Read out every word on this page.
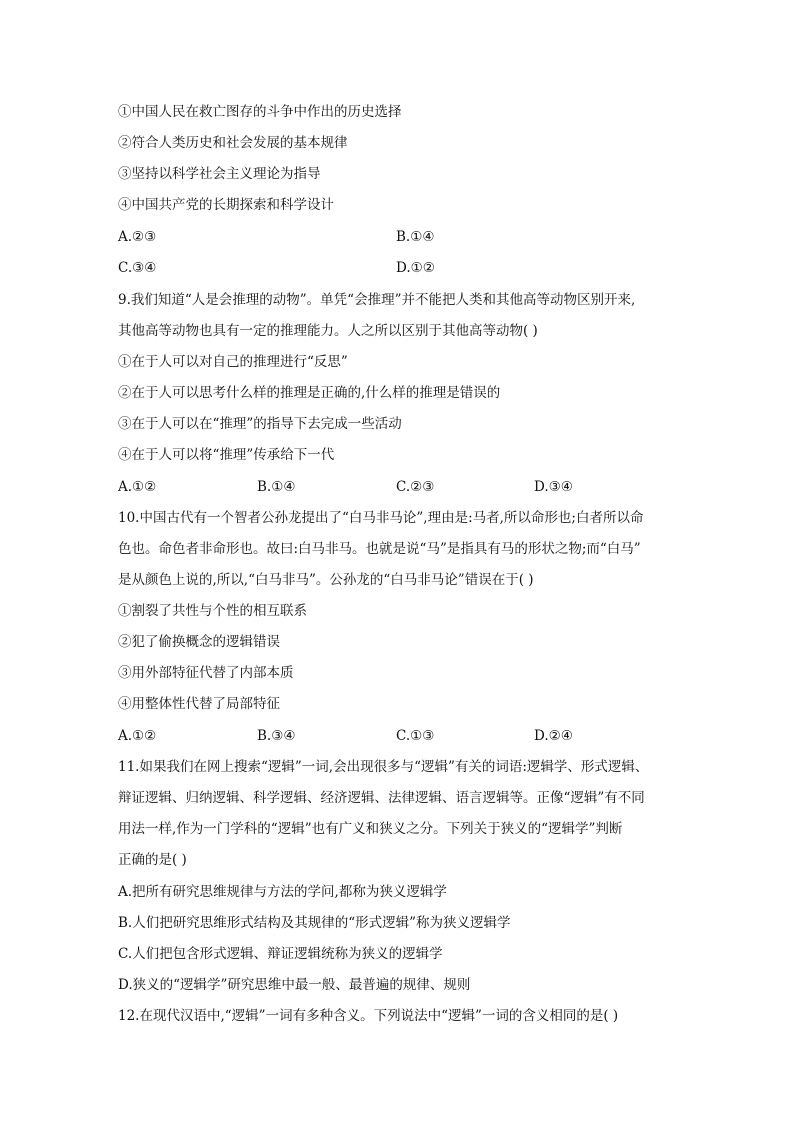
①中国人民在救亡图存的斗争中作出的历史选择
②符合人类历史和社会发展的基本规律
③坚持以科学社会主义理论为指导
④中国共产党的长期探索和科学设计
A.②③	B.①④
C.③④	D.①②
9.我们知道“人是会推理的动物”。单凭“会推理”并不能把人类和其他高等动物区别开来,
其他高等动物也具有一定的推理能力。人之所以区别于其他高等动物( )
①在于人可以对自己的推理进行“反思”
②在于人可以思考什么样的推理是正确的,什么样的推理是错误的
③在于人可以在“推理”的指导下去完成一些活动
④在于人可以将“推理”传承给下一代
A.①②	B.①④	C.②③	D.③④
10.中国古代有一个智者公孙龙提出了“白马非马论”,理由是:马者,所以命形也;白者所以命
色也。命色者非命形也。故曰:白马非马。也就是说“马”是指具有马的形状之物;而“白马”
是从颜色上说的,所以,“白马非马”。公孙龙的“白马非马论”错误在于( )
①割裂了共性与个性的相互联系
②犯了偷换概念的逻辑错误
③用外部特征代替了内部本质
④用整体性代替了局部特征
A.①②	B.③④	C.①③	D.②④
11.如果我们在网上搜索“逻辑”一词,会出现很多与“逻辑”有关的词语:逻辑学、形式逻辑、
辩证逻辑、归纳逻辑、科学逻辑、经济逻辑、法律逻辑、语言逻辑等。正像“逻辑”有不同
用法一样,作为一门学科的“逻辑”也有广义和狭义之分。下列关于狭义的“逻辑学”判断
正确的是( )
A.把所有研究思维规律与方法的学问,都称为狭义逻辑学
B.人们把研究思维形式结构及其规律的“形式逻辑”称为狭义逻辑学
C.人们把包含形式逻辑、辩证逻辑统称为狭义的逻辑学
D.狭义的“逻辑学”研究思维中最一般、最普遍的规律、规则
12.在现代汉语中,“逻辑”一词有多种含义。下列说法中“逻辑”一词的含义相同的是( )
